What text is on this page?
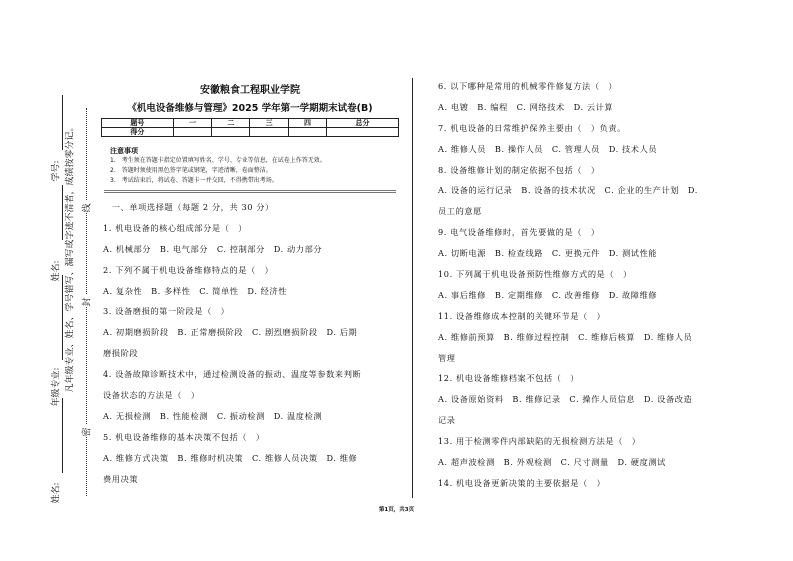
学号:
姓名:
年级专业:
姓名:
凡年级专业、姓名、学号错写、漏写或字迹不清者，成绩按零分记。
密
封
线
安徽粮食工程职业学院
《机电设备维修与管理》2025 学年第一学期期末试卷(B)
题号	一	二	三	四	总分
得分					
注意事项
1.　考生须在答题卡指定位置填写姓名、学号、专业等信息，在试卷上作答无效。
2.　答题时须使用黑色签字笔或钢笔，字迹清晰，卷面整洁。
3.　考试结束后，将试卷、答题卡一并交回，不得携带出考场。
　一、单项选择题（每题 2 分，共 30 分）
1. 机电设备的核心组成部分是（　）
A. 机械部分　B. 电气部分　C. 控制部分　D. 动力部分
2. 下列不属于机电设备维修特点的是（　）
A. 复杂性　B. 多样性　C. 简单性　D. 经济性
3. 设备磨损的第一阶段是（　）
A. 初期磨损阶段　B. 正常磨损阶段　C. 剧烈磨损阶段　D. 后期
磨损阶段
4. 设备故障诊断技术中，通过检测设备的振动、温度等参数来判断
设备状态的方法是（　）
A. 无损检测　B. 性能检测　C. 振动检测　D. 温度检测
5. 机电设备维修的基本决策不包括（　）
A. 维修方式决策　B. 维修时机决策　C. 维修人员决策　D. 维修
费用决策
6. 以下哪种是常用的机械零件修复方法（　）
A. 电镀　B. 编程　C. 网络技术　D. 云计算
7. 机电设备的日常维护保养主要由（　）负责。
A. 维修人员　B. 操作人员　C. 管理人员　D. 技术人员
8. 设备维修计划的制定依据不包括（　）
A. 设备的运行记录　B. 设备的技术状况　C. 企业的生产计划　D.
员工的意愿
9. 电气设备维修时，首先要做的是（　）
A. 切断电源　B. 检查线路　C. 更换元件　D. 测试性能
10. 下列属于机电设备预防性维修方式的是（　）
A. 事后维修　B. 定期维修　C. 改善维修　D. 故障维修
11. 设备维修成本控制的关键环节是（　）
A. 维修前预算　B. 维修过程控制　C. 维修后核算　D. 维修人员
管理
12. 机电设备维修档案不包括（　）
A. 设备原始资料　B. 维修记录　C. 操作人员信息　D. 设备改造
记录
13. 用于检测零件内部缺陷的无损检测方法是（　）
A. 超声波检测　B. 外观检测　C. 尺寸测量　D. 硬度测试
14. 机电设备更新决策的主要依据是（　）
第1页，共3页
